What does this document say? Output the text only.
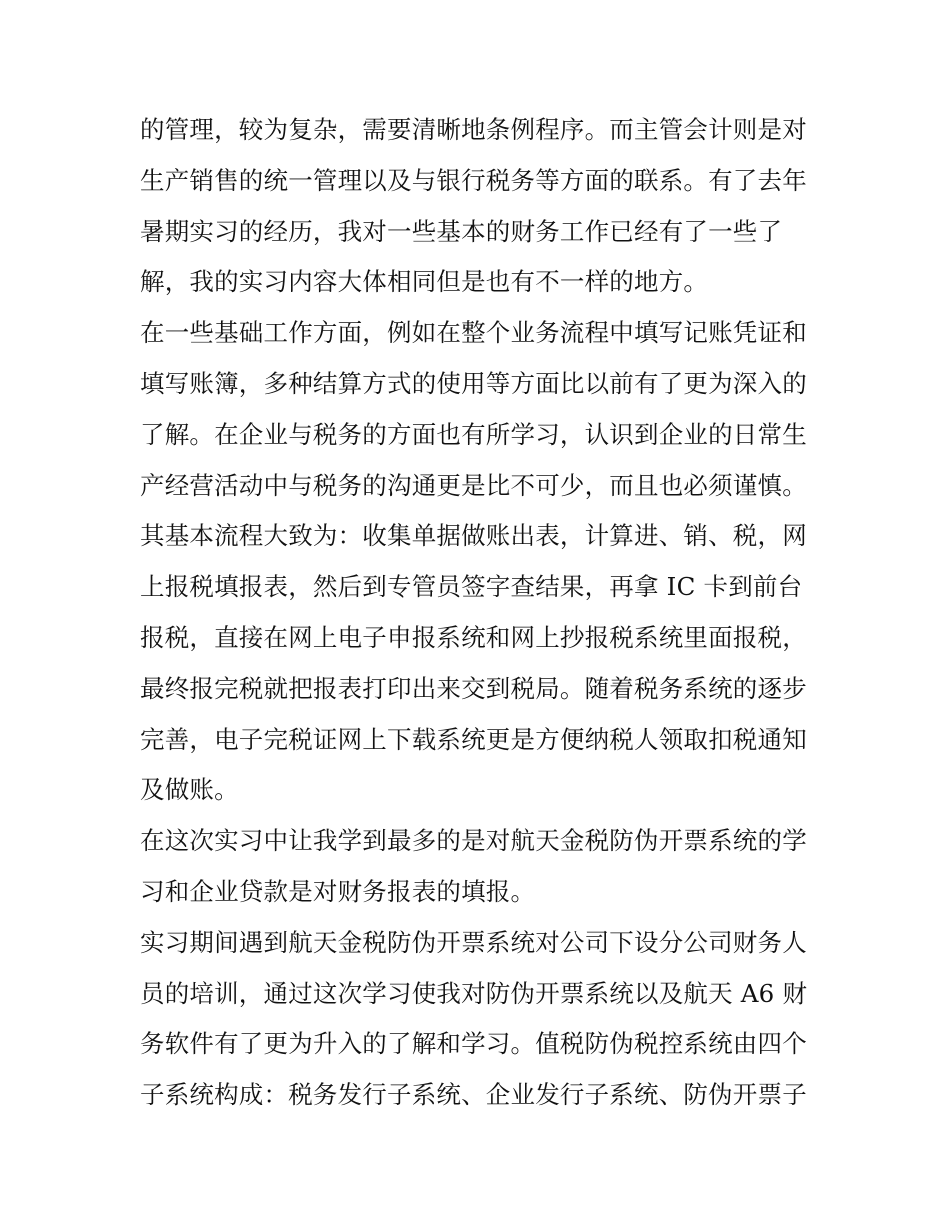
的管理，较为复杂，需要清晰地条例程序。而主管会计则是对
生产销售的统一管理以及与银行税务等方面的联系。有了去年
暑期实习的经历，我对一些基本的财务工作已经有了一些了
解，我的实习内容大体相同但是也有不一样的地方。
在一些基础工作方面，例如在整个业务流程中填写记账凭证和
填写账簿，多种结算方式的使用等方面比以前有了更为深入的
了解。在企业与税务的方面也有所学习，认识到企业的日常生
产经营活动中与税务的沟通更是比不可少，而且也必须谨慎。
其基本流程大致为：收集单据做账出表，计算进、销、税，网
上报税填报表，然后到专管员签字查结果，再拿 IC 卡到前台
报税，直接在网上电子申报系统和网上抄报税系统里面报税，
最终报完税就把报表打印出来交到税局。随着税务系统的逐步
完善，电子完税证网上下载系统更是方便纳税人领取扣税通知
及做账。
在这次实习中让我学到最多的是对航天金税防伪开票系统的学
习和企业贷款是对财务报表的填报。
实习期间遇到航天金税防伪开票系统对公司下设分公司财务人
员的培训，通过这次学习使我对防伪开票系统以及航天 A6 财
务软件有了更为升入的了解和学习。值税防伪税控系统由四个
子系统构成：税务发行子系统、企业发行子系统、防伪开票子
